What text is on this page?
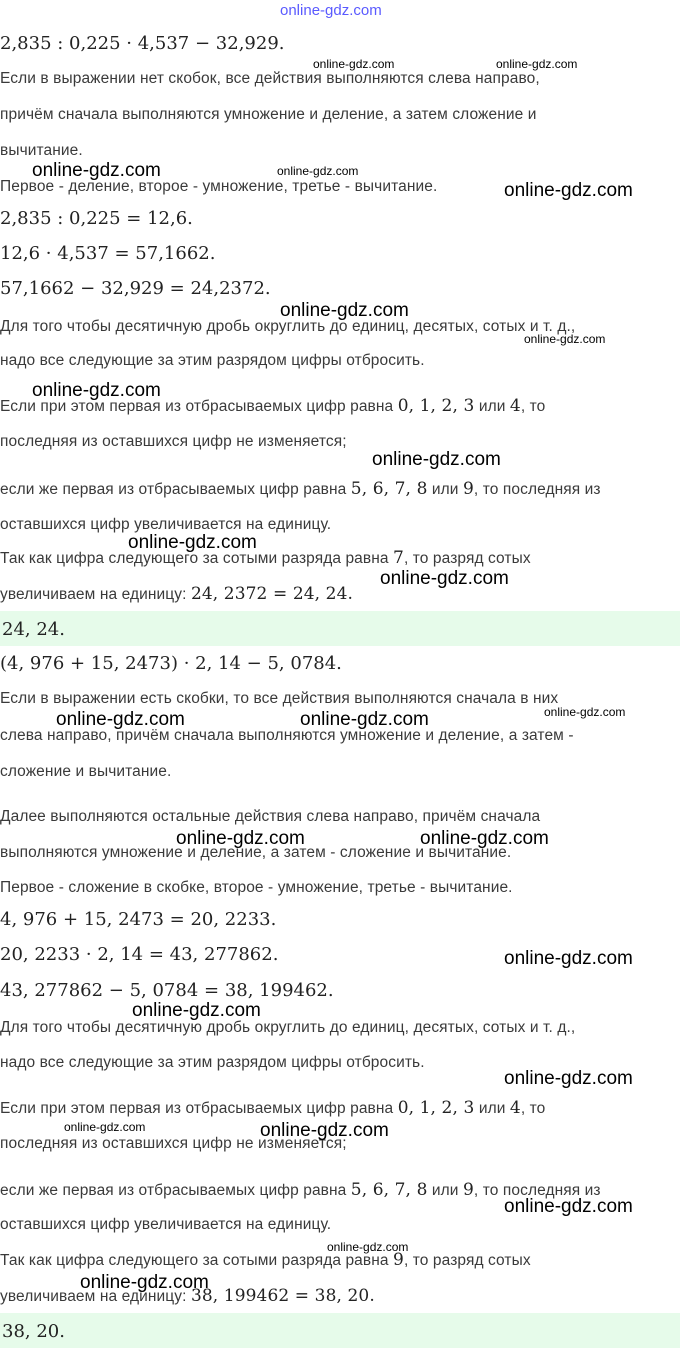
online-gdz.com
2,835 : 0,225 · 4,537 − 32,929.
Если в выражении нет скобок, все действия выполняются слева направо,
причём сначала выполняются умножение и деление, а затем сложение и
вычитание.
Первое - деление, второе - умножение, третье - вычитание.
2,835 : 0,225 = 12,6.
12,6 · 4,537 = 57,1662.
57,1662 − 32,929 = 24,2372.
Для того чтобы десятичную дробь округлить до единиц, десятых, сотых и т. д.,
надо все следующие за этим разрядом цифры отбросить.
Если при этом первая из отбрасываемых цифр равна 0, 1, 2, 3 или 4, то
последняя из оставшихся цифр не изменяется;
если же первая из отбрасываемых цифр равна 5, 6, 7, 8 или 9, то последняя из
оставшихся цифр увеличивается на единицу.
Так как цифра следующего за сотыми разряда равна 7, то разряд сотых
увеличиваем на единицу: 24, 2372 = 24, 24.
24, 24.
(4, 976 + 15, 2473) · 2, 14 − 5, 0784.
Если в выражении есть скобки, то все действия выполняются сначала в них
слева направо, причём сначала выполняются умножение и деление, а затем -
сложение и вычитание.
Далее выполняются остальные действия слева направо, причём сначала
выполняются умножение и деление, а затем - сложение и вычитание.
Первое - сложение в скобке, второе - умножение, третье - вычитание.
4, 976 + 15, 2473 = 20, 2233.
20, 2233 · 2, 14 = 43, 277862.
43, 277862 − 5, 0784 = 38, 199462.
Для того чтобы десятичную дробь округлить до единиц, десятых, сотых и т. д.,
надо все следующие за этим разрядом цифры отбросить.
Если при этом первая из отбрасываемых цифр равна 0, 1, 2, 3 или 4, то
последняя из оставшихся цифр не изменяется;
если же первая из отбрасываемых цифр равна 5, 6, 7, 8 или 9, то последняя из
оставшихся цифр увеличивается на единицу.
Так как цифра следующего за сотыми разряда равна 9, то разряд сотых
увеличиваем на единицу: 38, 199462 = 38, 20.
38, 20.
online-gdz.com	online-gdz.com
online-gdz.com	online-gdz.com
online-gdz.com
online-gdz.com
online-gdz.com
online-gdz.com
online-gdz.com
online-gdz.com
online-gdz.com
online-gdz.com	online-gdz.com	online-gdz.com
online-gdz.com	online-gdz.com
online-gdz.com
online-gdz.com
online-gdz.com
online-gdz.com	online-gdz.com
online-gdz.com
online-gdz.com
online-gdz.com
